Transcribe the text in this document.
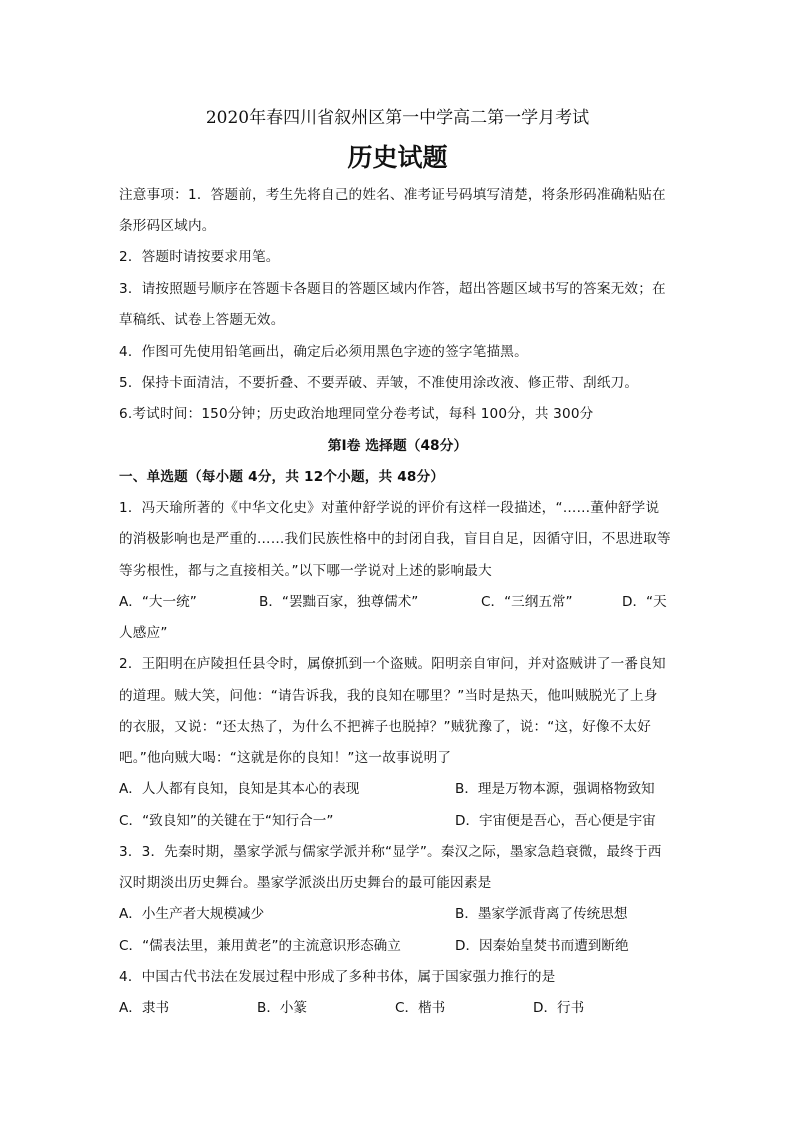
2020年春四川省叙州区第一中学高二第一学月考试
历史试题
注意事项：1．答题前，考生先将自己的姓名、准考证号码填写清楚，将条形码准确粘贴在
条形码区域内。
2．答题时请按要求用笔。
3．请按照题号顺序在答题卡各题目的答题区域内作答，超出答题区域书写的答案无效；在
草稿纸、试卷上答题无效。
4．作图可先使用铅笔画出，确定后必须用黑色字迹的签字笔描黑。
5．保持卡面清洁，不要折叠、不要弄破、弄皱，不准使用涂改液、修正带、刮纸刀。
6.考试时间：150分钟；历史政治地理同堂分卷考试，每科 100分，共 300分
第Ⅰ卷 选择题（48分）
一、单选题（每小题 4分，共 12个小题，共 48分）
1．冯天瑜所著的《中华文化史》对董仲舒学说的评价有这样一段描述，“……董仲舒学说
的消极影响也是严重的……我们民族性格中的封闭自我，盲目自足，因循守旧，不思进取等
等劣根性，都与之直接相关。”以下哪一学说对上述的影响最大
A．“大一统”	B．“罢黜百家，独尊儒术”	C．“三纲五常”	D．“天
人感应”
2．王阳明在庐陵担任县令时，属僚抓到一个盗贼。阳明亲自审问，并对盗贼讲了一番良知
的道理。贼大笑，问他：“请告诉我，我的良知在哪里？”当时是热天，他叫贼脱光了上身
的衣服，又说：“还太热了，为什么不把裤子也脱掉？”贼犹豫了，说：“这，好像不太好
吧。”他向贼大喝：“这就是你的良知！”这一故事说明了
A．人人都有良知，良知是其本心的表现	B．理是万物本源，强调格物致知
C．“致良知”的关键在于“知行合一”	D．宇宙便是吾心，吾心便是宇宙
3．3．先秦时期，墨家学派与儒家学派并称“显学”。秦汉之际，墨家急趋衰微，最终于西
汉时期淡出历史舞台。墨家学派淡出历史舞台的最可能因素是
A．小生产者大规模减少	B．墨家学派背离了传统思想
C．“儒表法里，兼用黄老”的主流意识形态确立	D．因秦始皇焚书而遭到断绝
4．中国古代书法在发展过程中形成了多种书体，属于国家强力推行的是
A．隶书	B．小篆	C．楷书	D．行书
